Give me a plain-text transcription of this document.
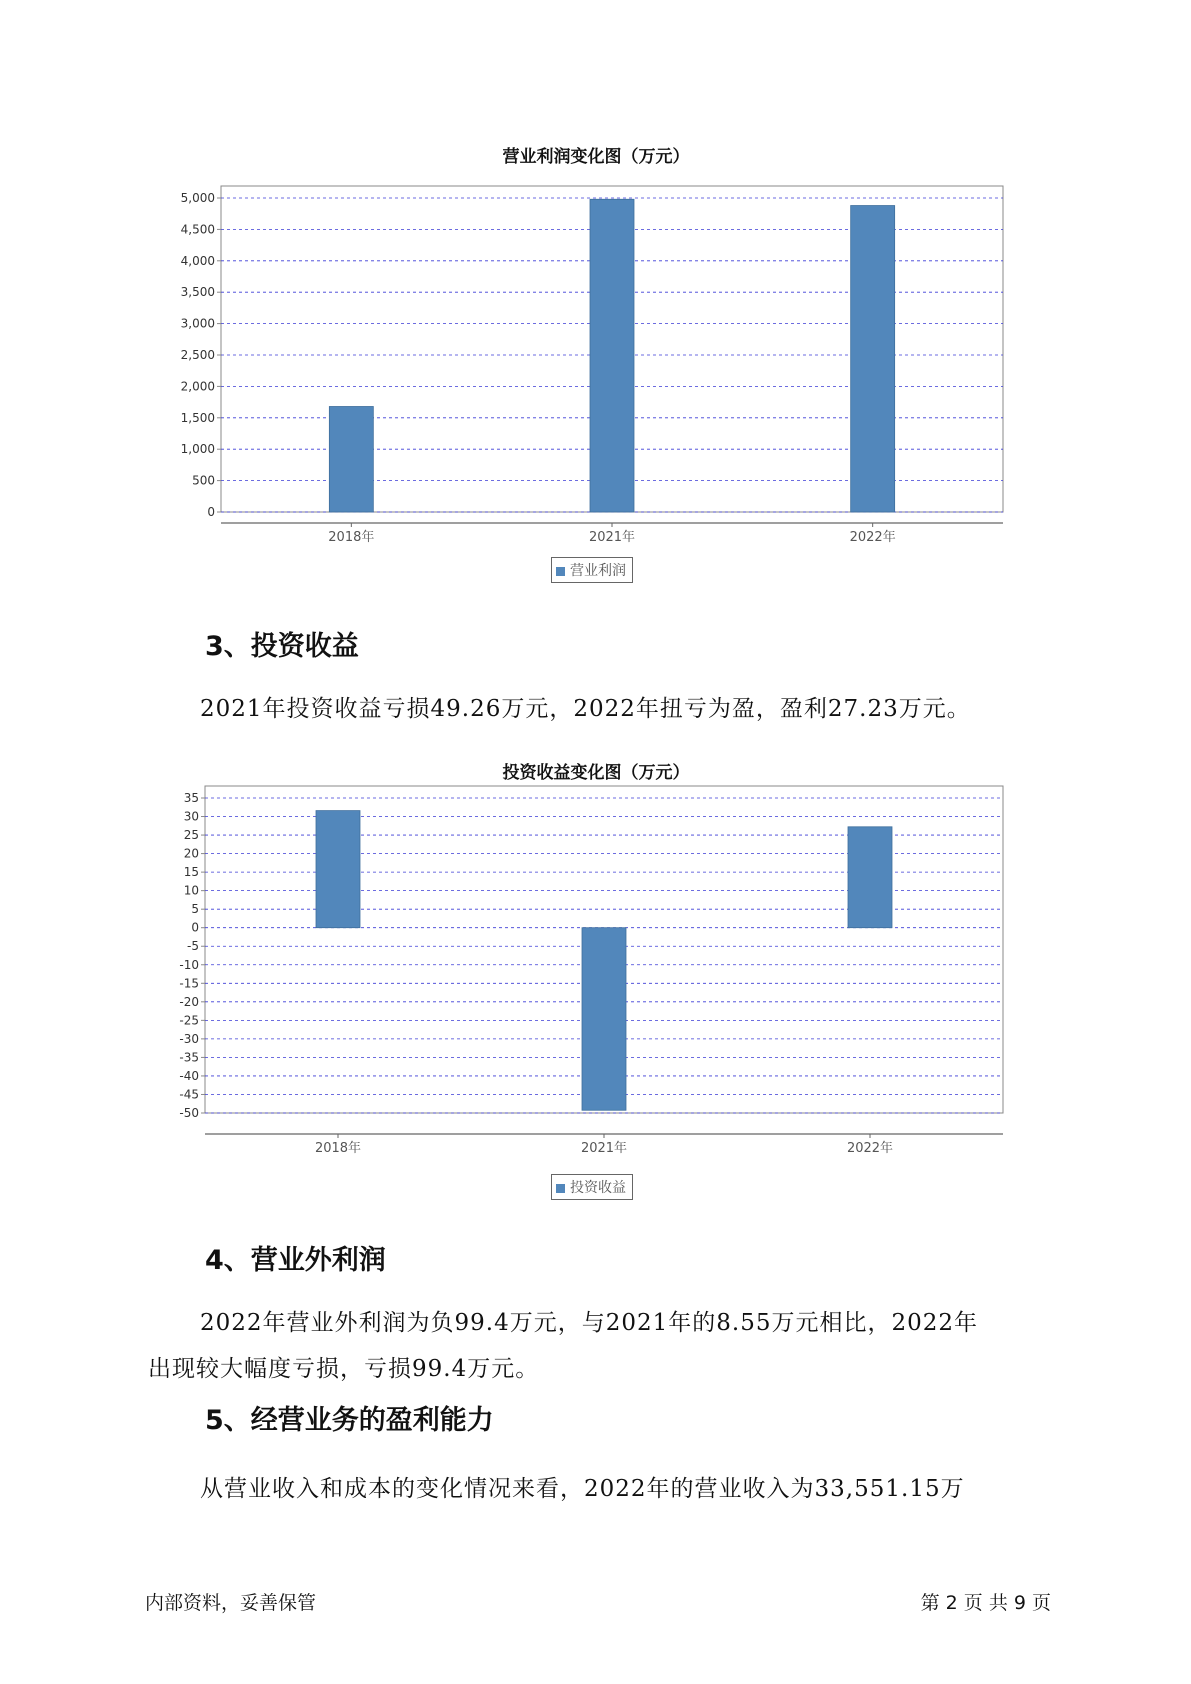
营业利润变化图（万元）
0
500
1,000
1,500
2,000
2,500
3,000
3,500
4,000
4,500
5,000
2018年	2021年	2022年
营业利润
3、投资收益
2021年投资收益亏损49.26万元，2022年扭亏为盈，盈利27.23万元。
投资收益变化图（万元）
35
30
25
20
15
10
5
0
-5
-10
-15
-20
-25
-30
-35
-40
-45
-50
2018年	2021年	2022年
投资收益
4、营业外利润
2022年营业外利润为负99.4万元，与2021年的8.55万元相比，2022年
出现较大幅度亏损，亏损99.4万元。
5、经营业务的盈利能力
从营业收入和成本的变化情况来看，2022年的营业收入为33,551.15万
内部资料，妥善保管	第 2 页 共 9 页
